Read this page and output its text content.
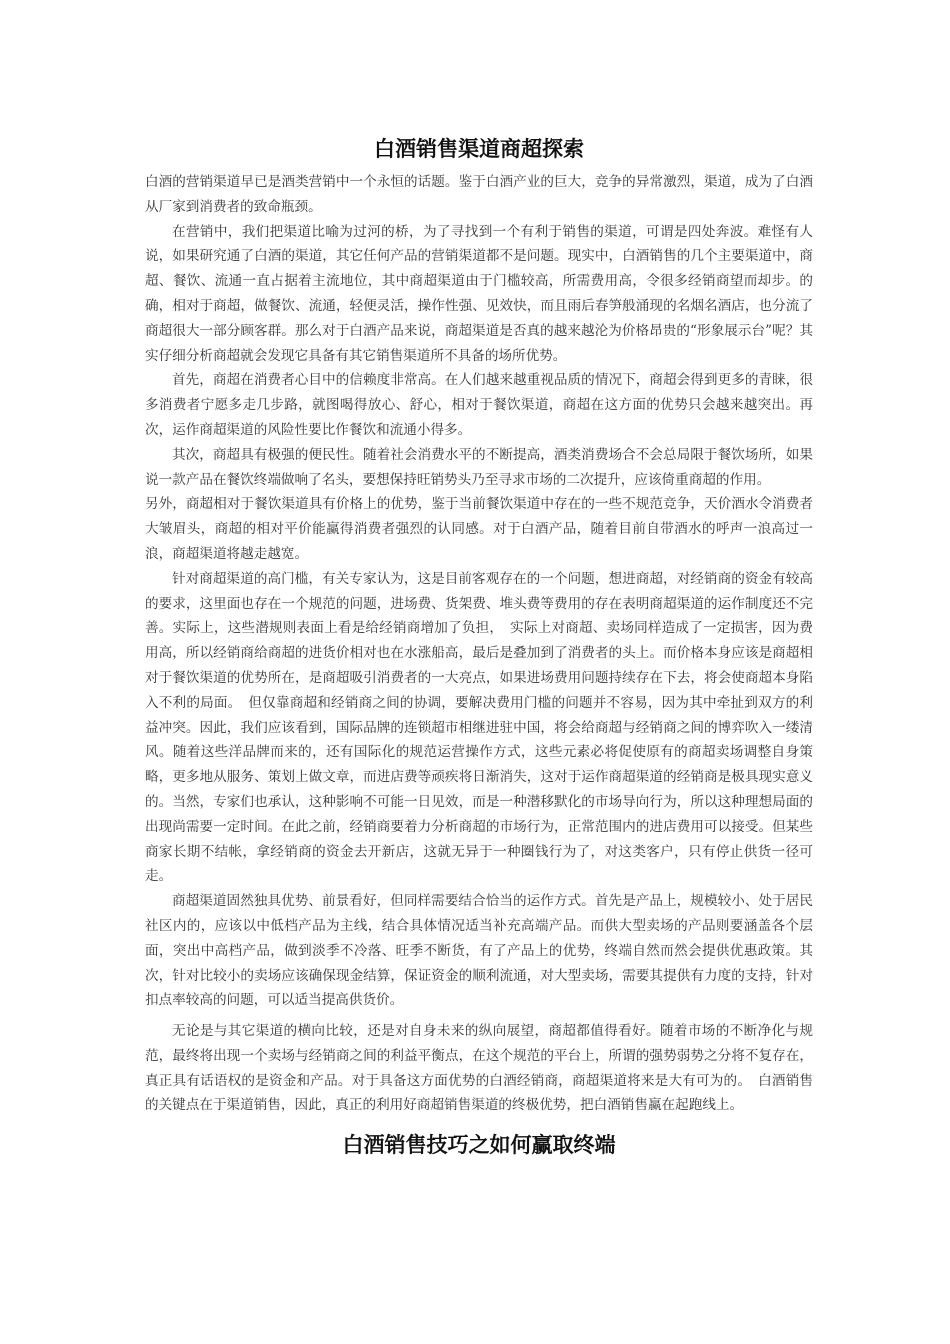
白酒销售渠道商超探索

白酒的营销渠道早已是酒类营销中一个永恒的话题。鉴于白酒产业的巨大，竞争的异常激烈，渠道，成为了白酒从厂家到消费者的致命瓶颈。

在营销中，我们把渠道比喻为过河的桥，为了寻找到一个有利于销售的渠道，可谓是四处奔波。难怪有人说，如果研究通了白酒的渠道，其它任何产品的营销渠道都不是问题。现实中，白酒销售的几个主要渠道中，商超、餐饮、流通一直占据着主流地位，其中商超渠道由于门槛较高，所需费用高，令很多经销商望而却步。的确，相对于商超，做餐饮、流通，轻便灵活，操作性强、见效快，而且雨后春笋般涌现的名烟名酒店，也分流了商超很大一部分顾客群。那么对于白酒产品来说，商超渠道是否真的越来越沦为价格昂贵的“形象展示台”呢？其实仔细分析商超就会发现它具备有其它销售渠道所不具备的场所优势。

首先，商超在消费者心目中的信赖度非常高。在人们越来越重视品质的情况下，商超会得到更多的青睐，很多消费者宁愿多走几步路，就图喝得放心、舒心，相对于餐饮渠道，商超在这方面的优势只会越来越突出。再次，运作商超渠道的风险性要比作餐饮和流通小得多。

其次，商超具有极强的便民性。随着社会消费水平的不断提高，酒类消费场合不会总局限于餐饮场所，如果说一款产品在餐饮终端做响了名头，要想保持旺销势头乃至寻求市场的二次提升，应该倚重商超的作用。

另外，商超相对于餐饮渠道具有价格上的优势，鉴于当前餐饮渠道中存在的一些不规范竞争，天价酒水令消费者大皱眉头，商超的相对平价能赢得消费者强烈的认同感。对于白酒产品，随着目前自带酒水的呼声一浪高过一浪，商超渠道将越走越宽。

针对商超渠道的高门槛，有关专家认为，这是目前客观存在的一个问题，想进商超，对经销商的资金有较高的要求，这里面也存在一个规范的问题，进场费、货架费、堆头费等费用的存在表明商超渠道的运作制度还不完善。实际上，这些潜规则表面上看是给经销商增加了负担，　实际上对商超、卖场同样造成了一定损害，因为费用高，所以经销商给商超的进货价相对也在水涨船高，最后是叠加到了消费者的头上。而价格本身应该是商超相对于餐饮渠道的优势所在，是商超吸引消费者的一大亮点，如果进场费用问题持续存在下去，将会使商超本身陷入不利的局面。　但仅靠商超和经销商之间的协调，要解决费用门槛的问题并不容易，因为其中牵扯到双方的利益冲突。因此，我们应该看到，国际品牌的连锁超市相继进驻中国，将会给商超与经销商之间的博弈吹入一缕清风。随着这些洋品牌而来的，还有国际化的规范运营操作方式，这些元素必将促使原有的商超卖场调整自身策略，更多地从服务、策划上做文章，而进店费等顽疾将日渐消失，这对于运作商超渠道的经销商是极具现实意义的。当然，专家们也承认，这种影响不可能一日见效，而是一种潜移默化的市场导向行为，所以这种理想局面的出现尚需要一定时间。在此之前，经销商要着力分析商超的市场行为，正常范围内的进店费用可以接受。但某些商家长期不结帐，拿经销商的资金去开新店，这就无异于一种圈钱行为了，对这类客户，只有停止供货一径可走。

商超渠道固然独具优势、前景看好，但同样需要结合恰当的运作方式。首先是产品上，规模较小、处于居民社区内的，应该以中低档产品为主线，结合具体情况适当补充高端产品。而供大型卖场的产品则要涵盖各个层面，突出中高档产品，做到淡季不冷落、旺季不断货，有了产品上的优势，终端自然而然会提供优惠政策。其次，针对比较小的卖场应该确保现金结算，保证资金的顺利流通，对大型卖场，需要其提供有力度的支持，针对扣点率较高的问题，可以适当提高供货价。

无论是与其它渠道的横向比较，还是对自身未来的纵向展望，商超都值得看好。随着市场的不断净化与规范，最终将出现一个卖场与经销商之间的利益平衡点，在这个规范的平台上，所谓的强势弱势之分将不复存在，真正具有话语权的是资金和产品。对于具备这方面优势的白酒经销商，商超渠道将来是大有可为的。　白酒销售的关键点在于渠道销售，因此，真正的利用好商超销售渠道的终极优势，把白酒销售赢在起跑线上。

白酒销售技巧之如何赢取终端
